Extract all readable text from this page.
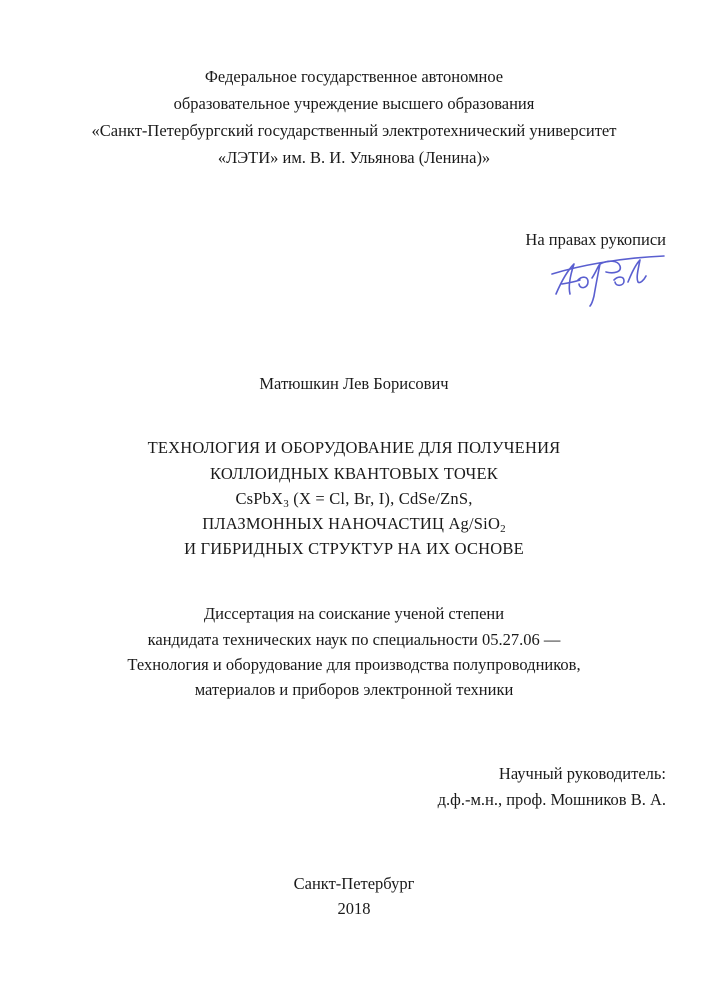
Федеральное государственное автономное
образовательное учреждение высшего образования
«Санкт-Петербургский государственный электротехнический университет
«ЛЭТИ» им. В. И. Ульянова (Ленина)»
На правах рукописи
Матюшкин Лев Борисович
ТЕХНОЛОГИЯ И ОБОРУДОВАНИЕ ДЛЯ ПОЛУЧЕНИЯ
КОЛЛОИДНЫХ КВАНТОВЫХ ТОЧЕК
CsPbX$_3$ (X = Cl, Br, I), CdSe/ZnS,
ПЛАЗМОННЫХ НАНОЧАСТИЦ Ag/SiO$_2$
И ГИБРИДНЫХ СТРУКТУР НА ИХ ОСНОВЕ
Диссертация на соискание ученой степени
кандидата технических наук по специальности 05.27.06 —
Технология и оборудование для производства полупроводников,
материалов и приборов электронной техники
Научный руководитель:
д.ф.-м.н., проф. Мошников В. А.
Санкт-Петербург
2018
